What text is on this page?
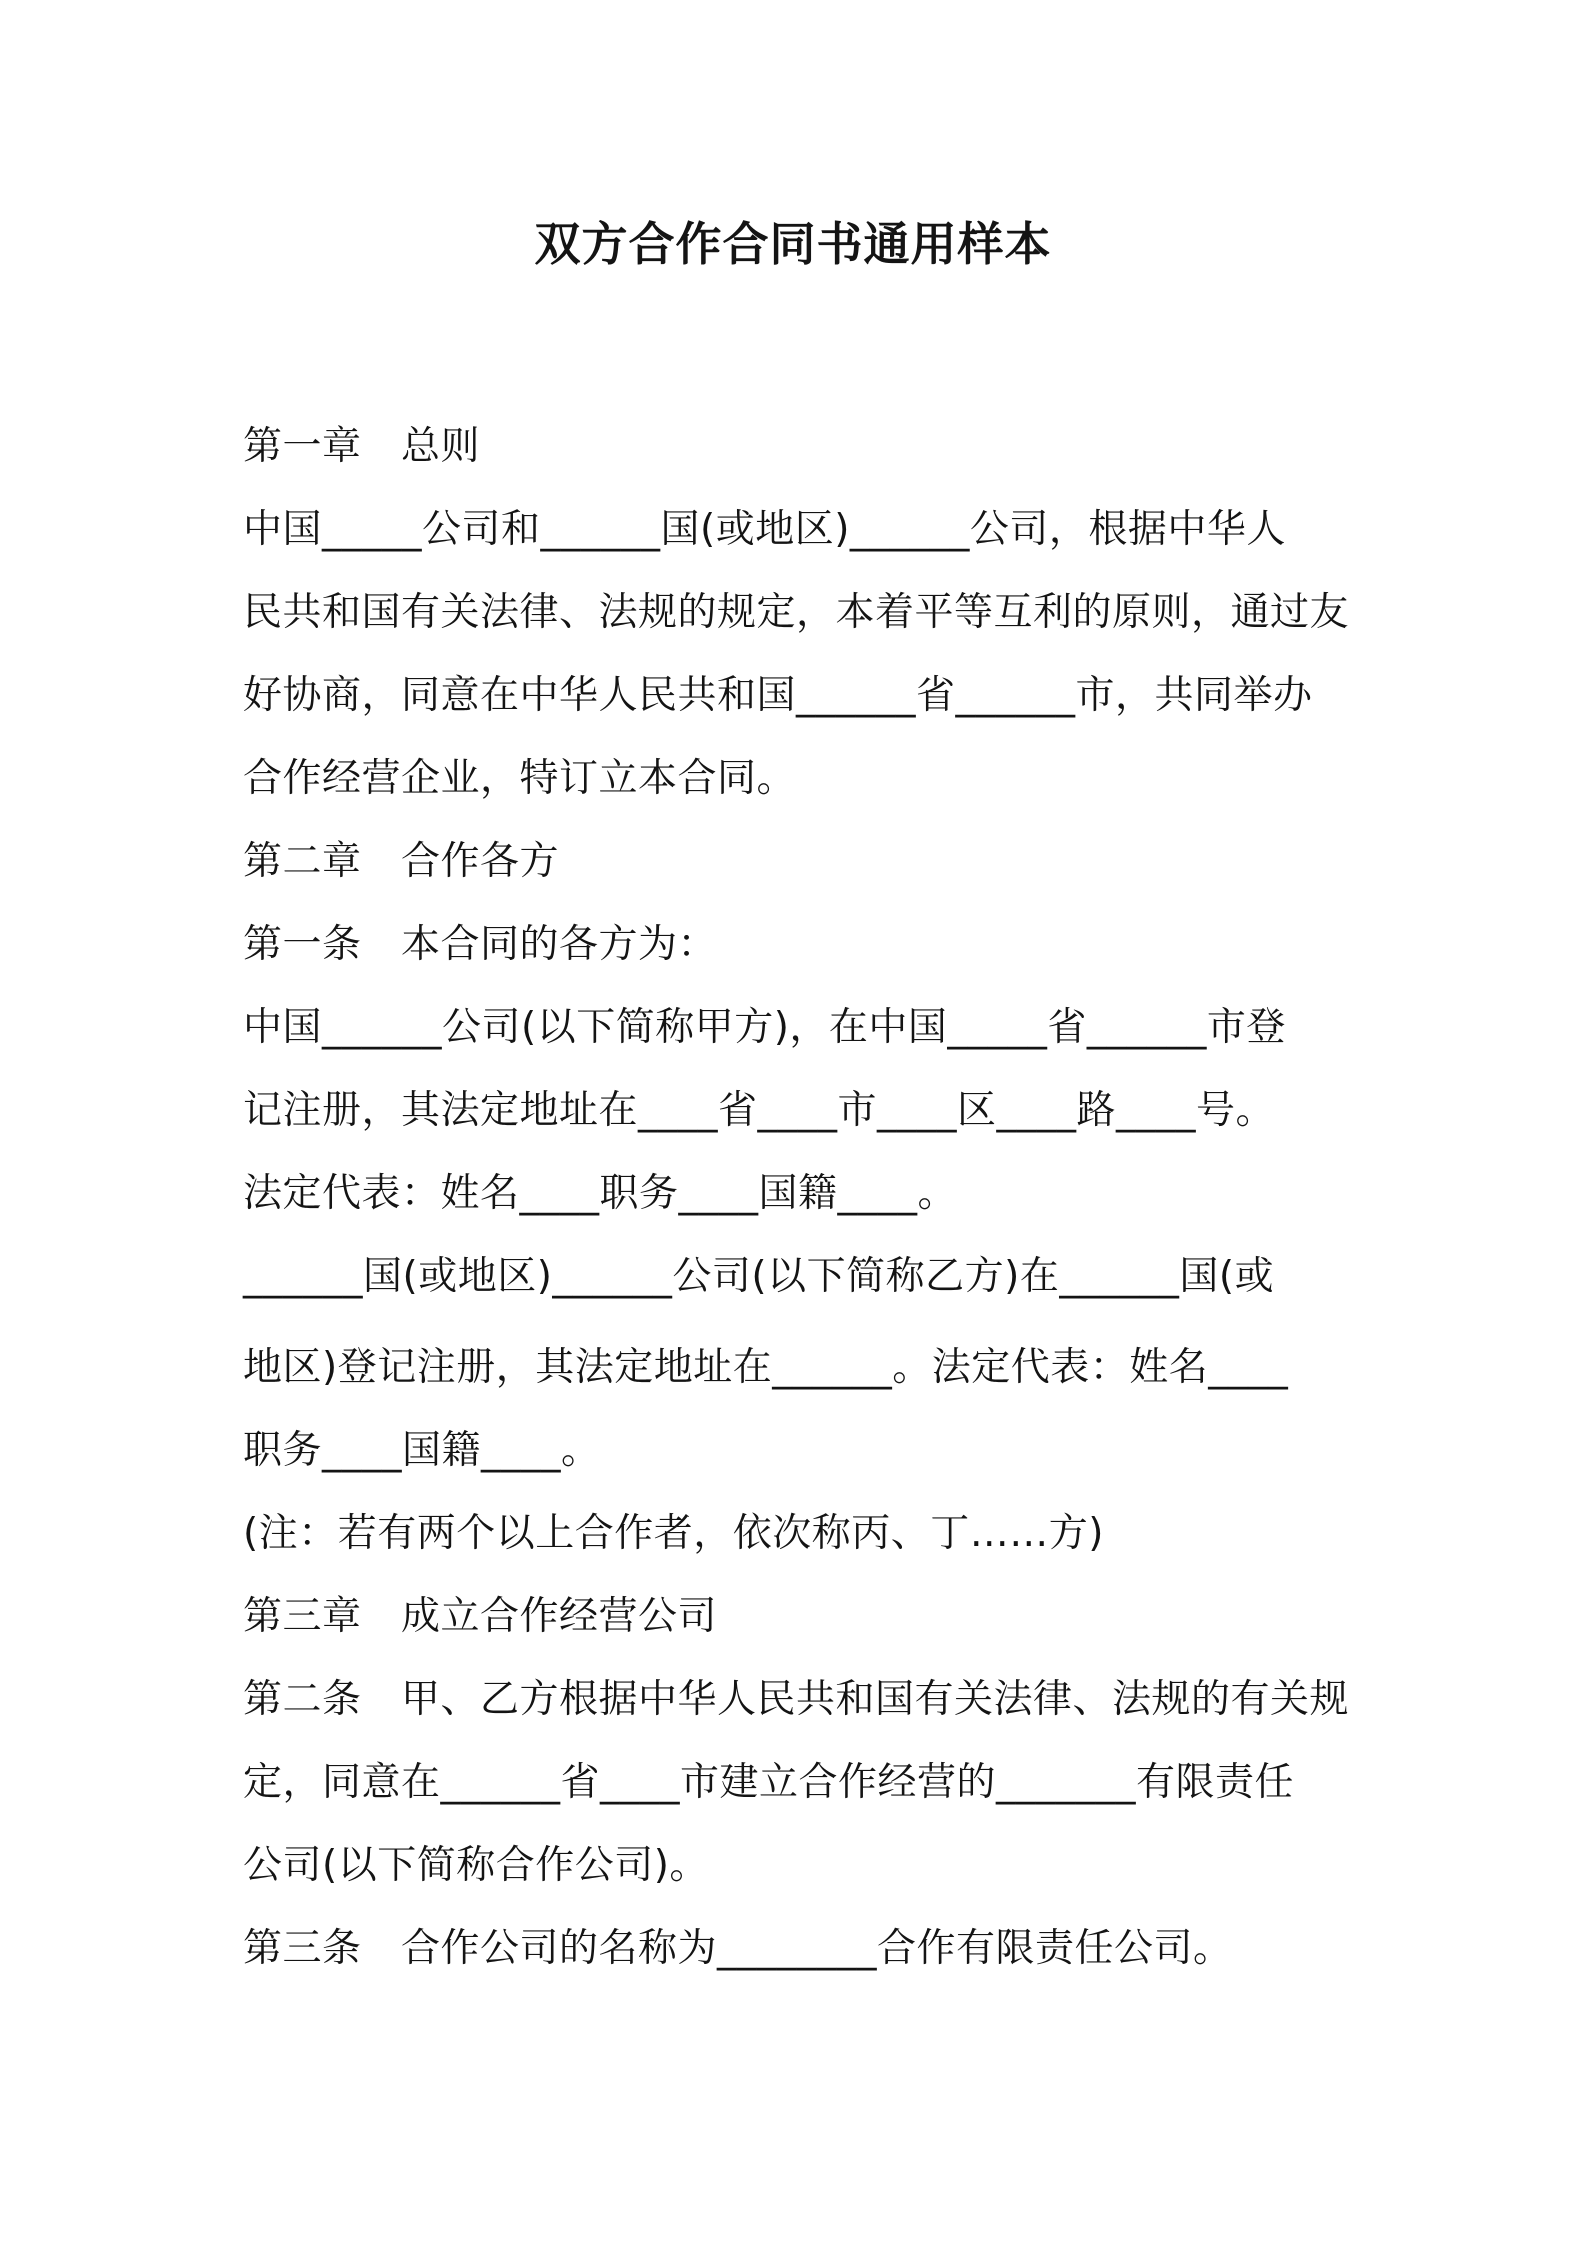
双方合作合同书通用样本

第一章　总则

中国_____公司和______国(或地区)______公司，根据中华人

民共和国有关法律、法规的规定，本着平等互利的原则，通过友

好协商，同意在中华人民共和国______省______市，共同举办

合作经营企业，特订立本合同。

第二章　合作各方

第一条　本合同的各方为：

中国______公司(以下简称甲方)，在中国_____省______市登

记注册，其法定地址在____省____市____区____路____号。

法定代表：姓名____职务____国籍____。

______国(或地区)______公司(以下简称乙方)在______国(或

地区)登记注册，其法定地址在______。法定代表：姓名____

职务____国籍____。

(注：若有两个以上合作者，依次称丙、丁……方)

第三章　成立合作经营公司

第二条　甲、乙方根据中华人民共和国有关法律、法规的有关规

定，同意在______省____市建立合作经营的_______有限责任

公司(以下简称合作公司)。

第三条　合作公司的名称为________合作有限责任公司。
